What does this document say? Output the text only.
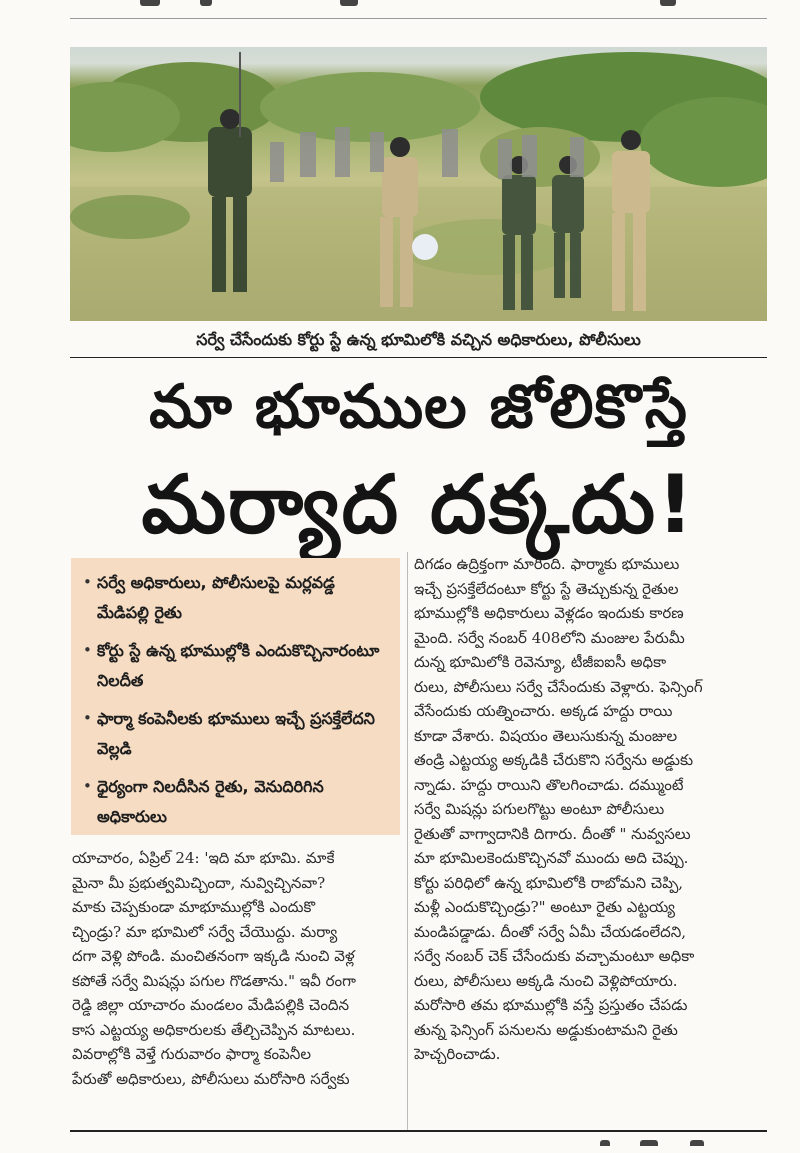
సర్వే చేసేందుకు కోర్టు స్టే ఉన్న భూమిలోకి వచ్చిన అధికారులు, పోలీసులు
మా భూముల జోలికొస్తే
మర్యాద దక్కదు!
• సర్వే అధికారులు, పోలీసులపై మర్లవడ్డ మేడిపల్లి రైతు
• కోర్టు స్టే ఉన్న భూముల్లోకి ఎందుకొచ్చినారంటూ నిలదీత
• ఫార్మా కంపెనీలకు భూములు ఇచ్చే ప్రసక్తేలేదని వెల్లడి
• ధైర్యంగా నిలదీసిన రైతు, వెనుదిరిగిన అధికారులు
యాచారం, ఏప్రిల్ 24: 'ఇది మా భూమి. మాకే
మైనా మీ ప్రభుత్వమిచ్చిందా, నువ్విచ్చినవా?
మాకు చెప్పకుండా మాభూముల్లోకి ఎందుకొ
చ్చిండ్రు? మా భూమిలో సర్వే చేయొద్దు. మర్యా
దగా వెళ్లి పోండి. మంచితనంగా ఇక్కడి నుంచి వెళ్ల
కపోతే సర్వే మిషన్లు పగుల గొడతాను." ఇవీ రంగా
రెడ్డి జిల్లా యాచారం మండలం మేడిపల్లికి చెందిన
కాస ఎట్టయ్య అధికారులకు తేల్చిచెప్పిన మాటలు.
వివరాల్లోకి వెళ్తే గురువారం ఫార్మా కంపెనీల
పేరుతో అధికారులు, పోలీసులు మరోసారి సర్వేకు
దిగడం ఉద్రిక్తంగా మారింది. ఫార్మాకు భూములు
ఇచ్చే ప్రసక్తేలేదంటూ కోర్టు స్టే తెచ్చుకున్న రైతుల
భూముల్లోకి అధికారులు వెళ్లడం ఇందుకు కారణ
మైంది. సర్వే నంబర్ 408లోని మంజుల పేరుమీ
దున్న భూమిలోకి రెవెన్యూ, టీజీఐఐసీ అధికా
రులు, పోలీసులు సర్వే చేసేందుకు వెళ్లారు. ఫెన్సింగ్
వేసేందుకు యత్నించారు. అక్కడ హద్దు రాయి
కూడా వేశారు. విషయం తెలుసుకున్న మంజుల
తండ్రి ఎట్టయ్య అక్కడికి చేరుకొని సర్వేను అడ్డుకు
న్నాడు. హద్దు రాయిని తొలగించాడు. దమ్ముంటే
సర్వే మిషన్లు పగులగొట్టు అంటూ పోలీసులు
రైతుతో వాగ్వాదానికి దిగారు. దీంతో " నువ్వసలు
మా భూమిలకెందుకొచ్చినవో ముందు అది చెప్పు.
కోర్టు పరిధిలో ఉన్న భూమిలోకి రాబోమని చెప్పి,
మళ్లీ ఎందుకొచ్చిండ్రు?" అంటూ రైతు ఎట్టయ్య
మండిపడ్డాడు. దీంతో సర్వే ఏమీ చేయడంలేదని,
సర్వే నంబర్ చెక్ చేసేందుకు వచ్చామంటూ అధికా
రులు, పోలీసులు అక్కడి నుంచి వెళ్లిపోయారు.
మరోసారి తమ భూముల్లోకి వస్తే ప్రస్తుతం చేపడు
తున్న ఫెన్సింగ్ పనులను అడ్డుకుంటామని రైతు
హెచ్చరించాడు.
